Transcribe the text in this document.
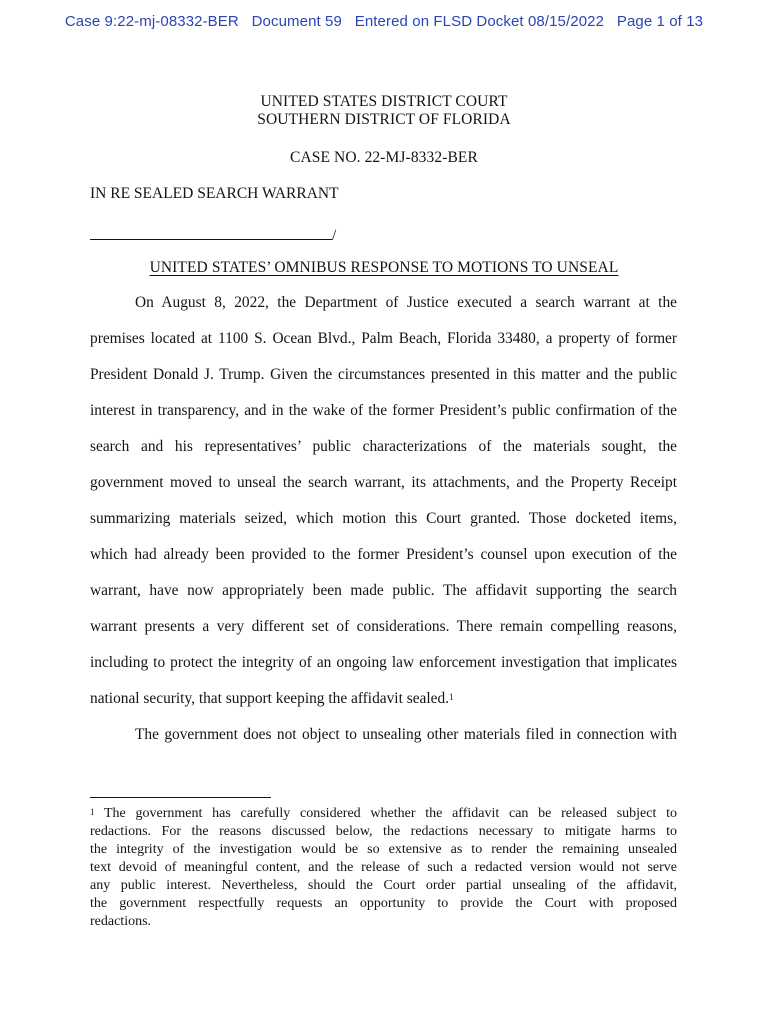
Case 9:22-mj-08332-BER   Document 59   Entered on FLSD Docket 08/15/2022   Page 1 of 13
UNITED STATES DISTRICT COURT
SOUTHERN DISTRICT OF FLORIDA
CASE NO. 22-MJ-8332-BER
IN RE SEALED SEARCH WARRANT
/
UNITED STATES’ OMNIBUS RESPONSE TO MOTIONS TO UNSEAL
On August 8, 2022, the Department of Justice executed a search warrant at the
premises located at 1100 S. Ocean Blvd., Palm Beach, Florida 33480, a property of former
President Donald J. Trump. Given the circumstances presented in this matter and the public
interest in transparency, and in the wake of the former President’s public confirmation of the
search and his representatives’ public characterizations of the materials sought, the
government moved to unseal the search warrant, its attachments, and the Property Receipt
summarizing materials seized, which motion this Court granted. Those docketed items,
which had already been provided to the former President’s counsel upon execution of the
warrant, have now appropriately been made public. The affidavit supporting the search
warrant presents a very different set of considerations. There remain compelling reasons,
including to protect the integrity of an ongoing law enforcement investigation that implicates
national security, that support keeping the affidavit sealed.$^1$
The government does not object to unsealing other materials filed in connection with
$^1$ The government has carefully considered whether the affidavit can be released subject to
redactions. For the reasons discussed below, the redactions necessary to mitigate harms to
the integrity of the investigation would be so extensive as to render the remaining unsealed
text devoid of meaningful content, and the release of such a redacted version would not serve
any public interest. Nevertheless, should the Court order partial unsealing of the affidavit,
the government respectfully requests an opportunity to provide the Court with proposed
redactions.
